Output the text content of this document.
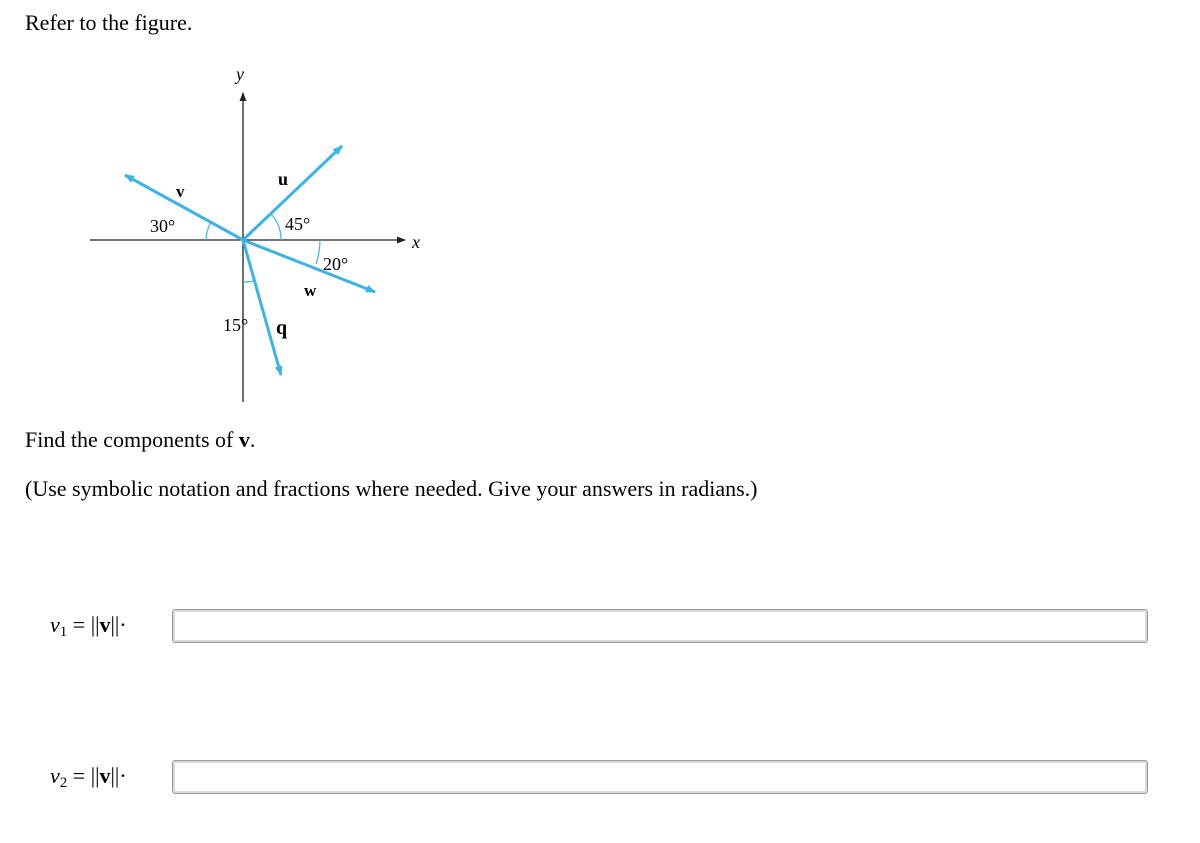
Refer to the figure.

x
y
v
u
w
q
30°	45°
20°
15°

Find the components of v.

(Use symbolic notation and fractions where needed. Give your answers in radians.)

$v_1 = ||v||\cdot$
$v_2 = ||v||\cdot$
